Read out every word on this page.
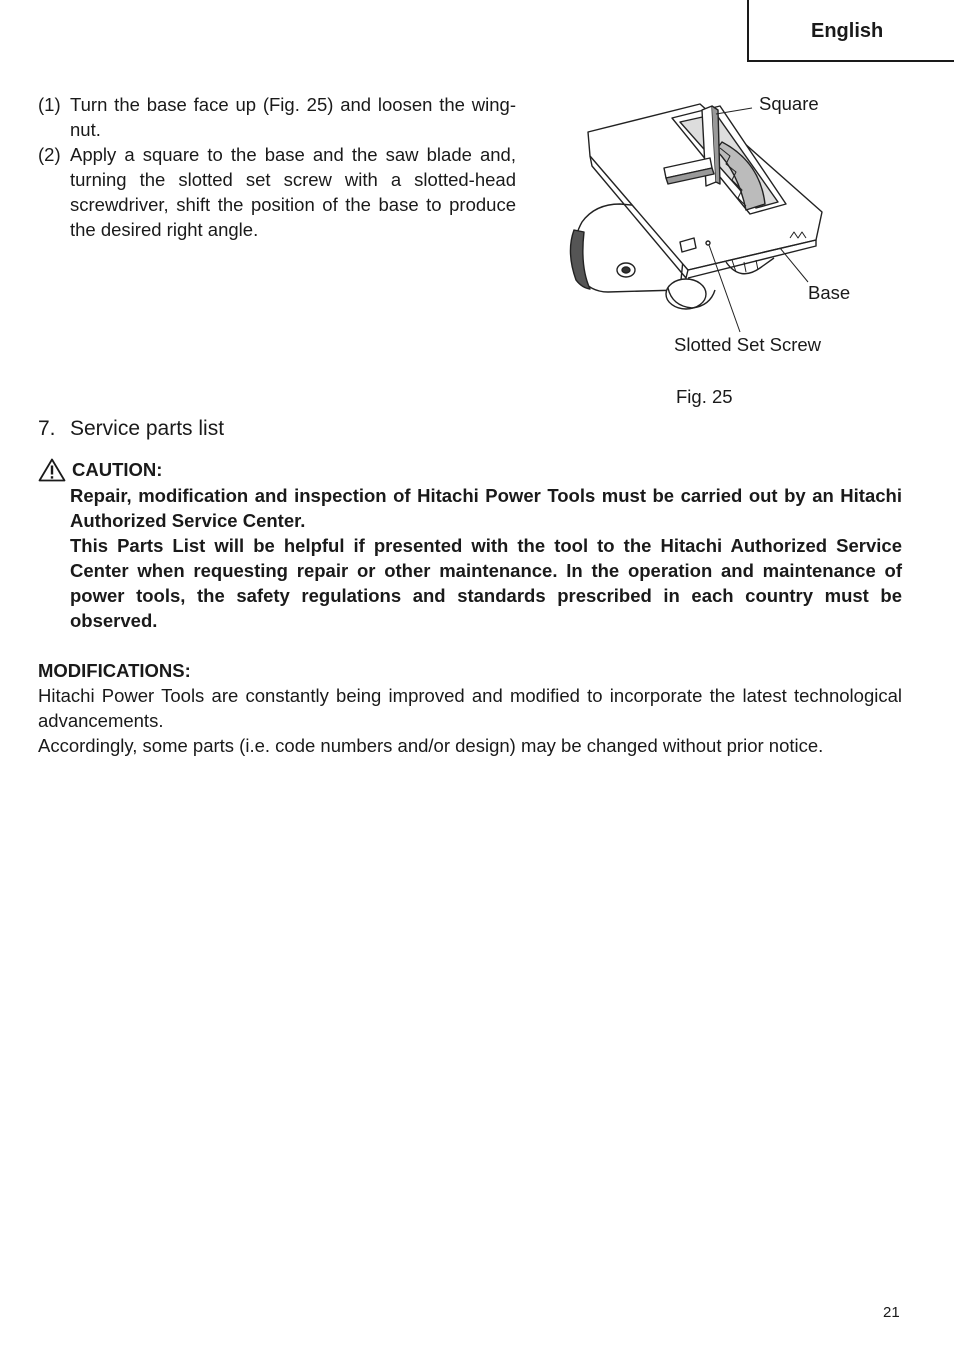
English
(1) Turn the base face up (Fig. 25) and loosen the wing-nut.
(2) Apply a square to the base and the saw blade and, turning the slotted set screw with a slotted-head screwdriver, shift the position of the base to produce the desired right angle.
Square
Base
Slotted Set Screw
Fig. 25
7. Service parts list
CAUTION:

Repair, modification and inspection of Hitachi Power Tools must be carried out by an Hitachi Authorized Service Center.

This Parts List will be helpful if presented with the tool to the Hitachi Authorized Service Center when requesting repair or other maintenance. In the operation and maintenance of power tools, the safety regulations and standards prescribed in each country must be observed.

MODIFICATIONS:

Hitachi Power Tools are constantly being improved and modified to incorporate the latest technological advancements.

Accordingly, some parts (i.e. code numbers and/or design) may be changed without prior notice.

21
